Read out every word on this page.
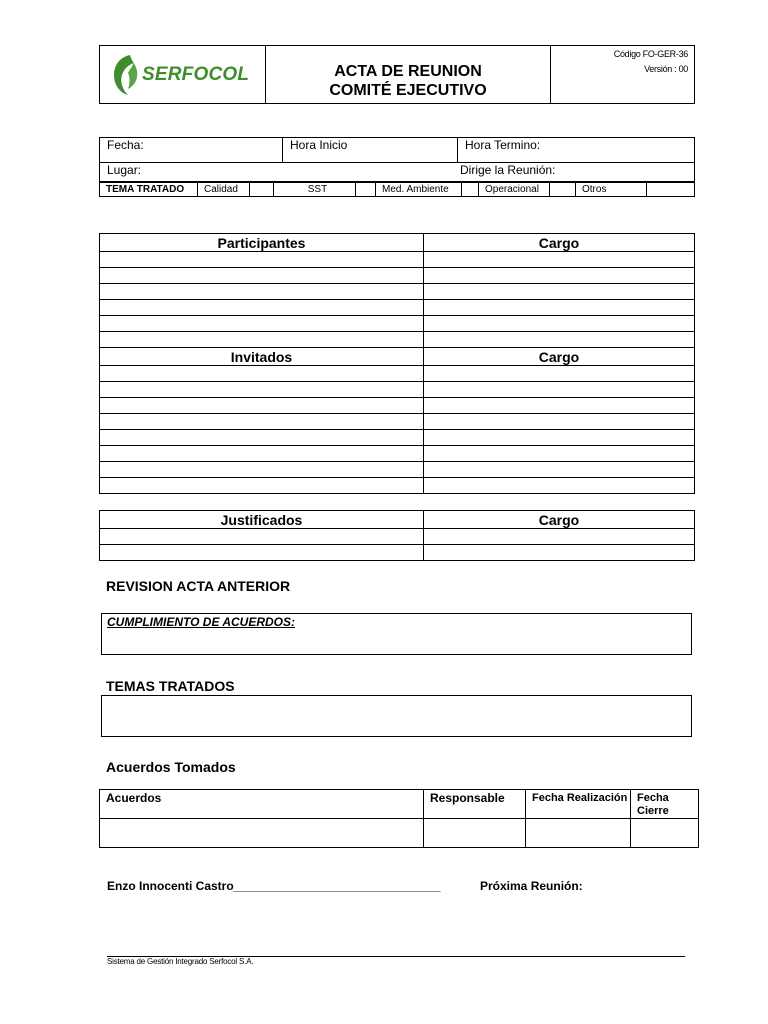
SERFOCOL	ACTA DE REUNION
COMITÉ EJECUTIVO

Código FO-GER-36
Versión : 00
Fecha:	Hora Inicio	Hora Termino:
Lugar:	Dirige la Reunión:
TEMA TRATADO	Calidad		SST		Med. Ambiente		Operacional		Otros	
Participantes	Cargo

Invitados	Cargo

Justificados	Cargo

REVISION ACTA ANTERIOR
CUMPLIMIENTO DE ACUERDOS:
TEMAS TRATADOS
Acuerdos Tomados
Acuerdos	Responsable	Fecha Realización	Fecha Cierre

Enzo Innocenti Castro_______________________________	Próxima Reunión:
Sistema de Gestión Integrado Serfocol S.A.
